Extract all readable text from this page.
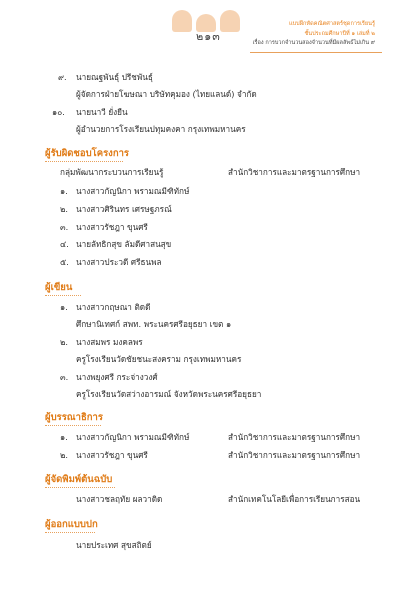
๒๑๓
แบบฝึกหัดคณิตศาสตร์ชุดการเรียนรู้
ชั้นประถมศึกษาปีที่ ๑ เล่มที่ ๒
เรื่อง การบวกจำนวนสองจำนวนที่มีผลลัพธ์ไม่เกิน ๙
๙. นายณฐพันธุ์ ปรีชพันธุ์
ผู้จัดการฝ่ายโฆษณา บริษัทคุมอง (ไทยแลนด์) จำกัด
๑๐. นายนาวี ยั่งยืน
ผู้อำนวยการโรงเรียนปทุมคงคา กรุงเทพมหานคร
ผู้รับผิดชอบโครงการ
กลุ่มพัฒนากระบวนการเรียนรู้	สำนักวิชาการและมาตรฐานการศึกษา
๑. นางสาวกัญนิกา พรามณมีฑิทักษ์
๒. นางสาวศิรินทร เศรษฐภรณ์
๓. นางสาวรัชฎา ขุนศรี
๔. นายลัทธิกสุข ลัมดีศาสนสุข
๕. นางสาวประวดี ศรีธนพล
ผู้เขียน
๑. นางสาวกฤษณา ติดดี
ศึกษานิเทศก์ สพท. พระนครศรีอยุธยา เขต ๑
๒. นางสมพร มงคลพร
ครูโรงเรียนวัดชัยชนะสงคราม กรุงเทพมหานคร
๓. นางพยุงศรี กระจ่างวงศ์
ครูโรงเรียนวัดสว่างอารมณ์ จังหวัดพระนครศรีอยุธยา
ผู้บรรณาธิการ
๑. นางสาวกัญนิกา พรามณมีฑิทักษ์	สำนักวิชาการและมาตรฐานการศึกษา
๒. นางสาวรัชฎา ขุนศรี	สำนักวิชาการและมาตรฐานการศึกษา
ผู้จัดพิมพ์ต้นฉบับ
นางสาวชลฤทัย ผลวาดิด	สำนักเทคโนโลยีเพื่อการเรียนการสอน
ผู้ออกแบบปก
นายประเทศ สุขสถิตย์
